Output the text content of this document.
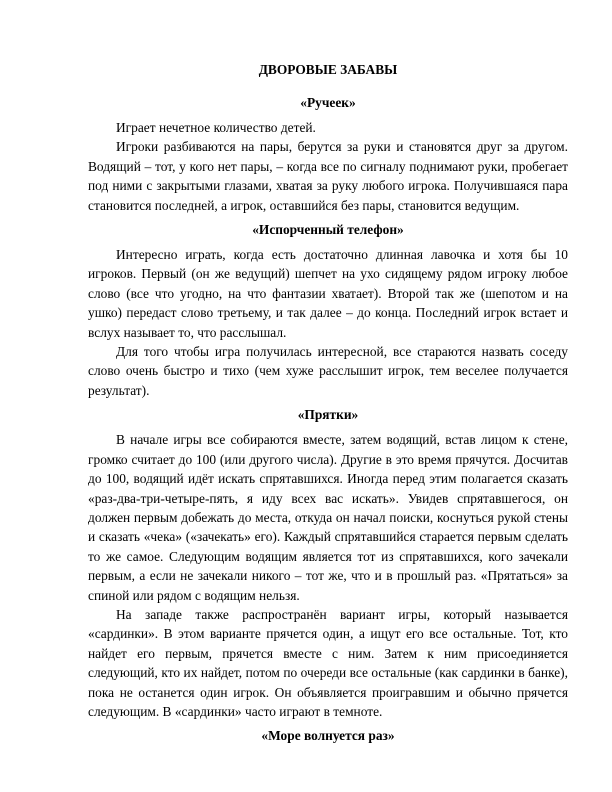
ДВОРОВЫЕ ЗАБАВЫ
«Ручеек»

Играет нечетное количество детей.

Игроки разбиваются на пары, берутся за руки и становятся друг за другом. Водящий – тот, у кого нет пары, – когда все по сигналу поднимают руки, пробегает под ними с закрытыми глазами, хватая за руку любого игрока. Получившаяся пара становится последней, а игрок, оставшийся без пары, становится ведущим.

«Испорченный телефон»

Интересно играть, когда есть достаточно длинная лавочка и хотя бы 10 игроков. Первый (он же ведущий) шепчет на ухо сидящему рядом игроку любое слово (все что угодно, на что фантазии хватает). Второй так же (шепотом и на ушко) передаст слово третьему, и так далее – до конца. Последний игрок встает и вслух называет то, что расслышал.

Для того чтобы игра получилась интересной, все стараются назвать соседу слово очень быстро и тихо (чем хуже расслышит игрок, тем веселее получается результат).

«Прятки»

В начале игры все собираются вместе, затем водящий, встав лицом к стене, громко считает до 100 (или другого числа). Другие в это время прячутся. Досчитав до 100, водящий идёт искать спрятавшихся. Иногда перед этим полагается сказать «раз-два-три-четыре-пять, я иду всех вас искать». Увидев спрятавшегося, он должен первым добежать до места, откуда он начал поиски, коснуться рукой стены и сказать «чека» («зачекать» его). Каждый спрятавшийся старается первым сделать то же самое. Следующим водящим является тот из спрятавшихся, кого зачекали первым, а если не зачекали никого – тот же, что и в прошлый раз. «Прятаться» за спиной или рядом с водящим нельзя.

На западе также распространён вариант игры, который называется «сардинки». В этом варианте прячется один, а ищут его все остальные. Тот, кто найдет его первым, прячется вместе с ним. Затем к ним присоединяется следующий, кто их найдет, потом по очереди все остальные (как сардинки в банке), пока не останется один игрок. Он объявляется проигравшим и обычно прячется следующим. В «сардинки» часто играют в темноте.

«Море волнуется раз»
